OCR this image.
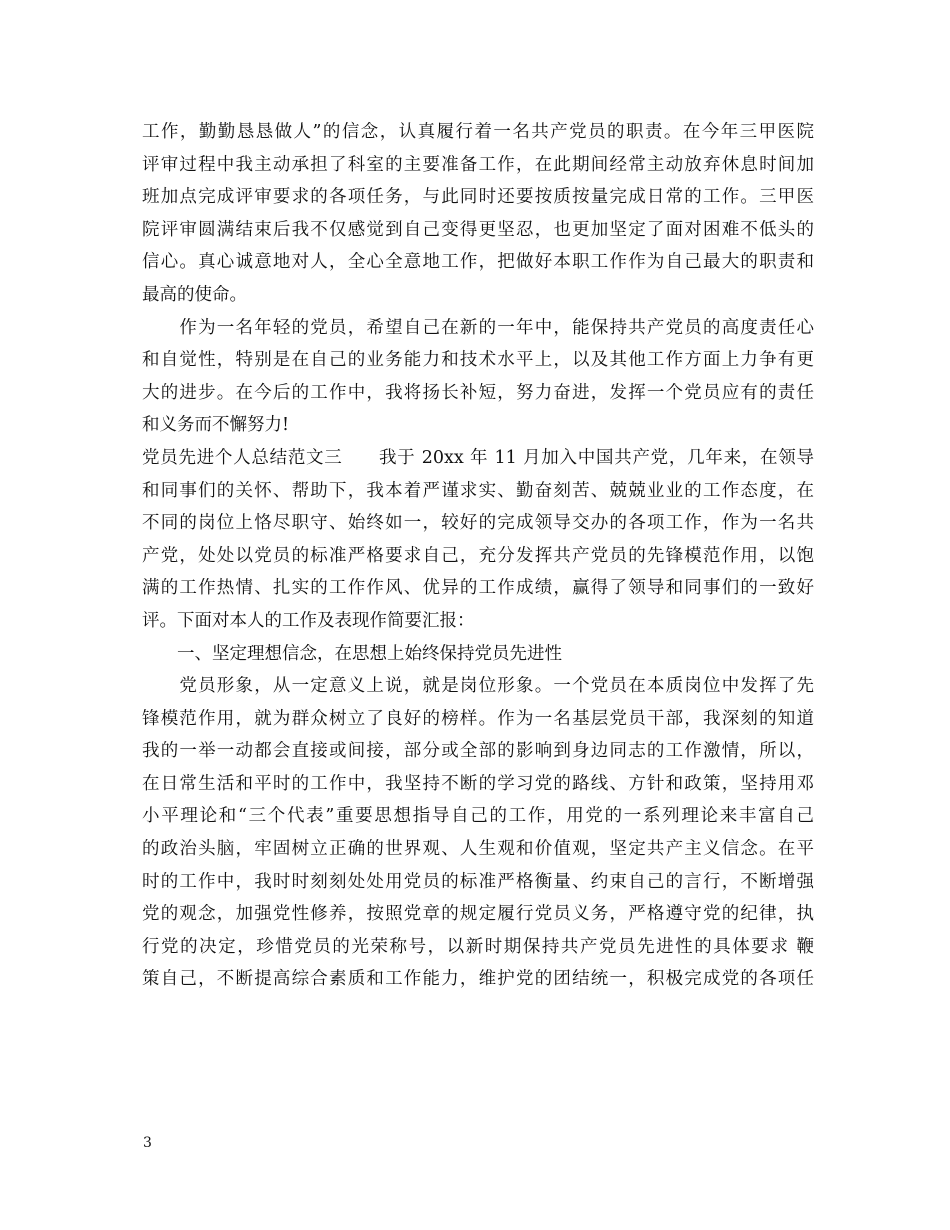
工作，勤勤恳恳做人”的信念，认真履行着一名共产党员的职责。在今年三甲医院
评审过程中我主动承担了科室的主要准备工作，在此期间经常主动放弃休息时间加
班加点完成评审要求的各项任务，与此同时还要按质按量完成日常的工作。三甲医
院评审圆满结束后我不仅感觉到自己变得更坚忍，也更加坚定了面对困难不低头的
信心。真心诚意地对人，全心全意地工作，把做好本职工作作为自己最大的职责和
最高的使命。
　　作为一名年轻的党员，希望自己在新的一年中，能保持共产党员的高度责任心
和自觉性，特别是在自己的业务能力和技术水平上，以及其他工作方面上力争有更
大的进步。在今后的工作中，我将扬长补短，努力奋进，发挥一个党员应有的责任
和义务而不懈努力!
党员先进个人总结范文三　　我于 20xx 年 11 月加入中国共产党，几年来，在领导
和同事们的关怀、帮助下，我本着严谨求实、勤奋刻苦、兢兢业业的工作态度，在
不同的岗位上恪尽职守、始终如一，较好的完成领导交办的各项工作，作为一名共
产党，处处以党员的标准严格要求自己，充分发挥共产党员的先锋模范作用，以饱
满的工作热情、扎实的工作作风、优异的工作成绩，赢得了领导和同事们的一致好
评。下面对本人的工作及表现作简要汇报：
　　一、坚定理想信念，在思想上始终保持党员先进性
　　党员形象，从一定意义上说，就是岗位形象。一个党员在本质岗位中发挥了先
锋模范作用，就为群众树立了良好的榜样。作为一名基层党员干部，我深刻的知道
我的一举一动都会直接或间接，部分或全部的影响到身边同志的工作激情，所以，
在日常生活和平时的工作中，我坚持不断的学习党的路线、方针和政策，坚持用邓
小平理论和“三个代表”重要思想指导自己的工作，用党的一系列理论来丰富自己
的政治头脑，牢固树立正确的世界观、人生观和价值观，坚定共产主义信念。在平
时的工作中，我时时刻刻处处用党员的标准严格衡量、约束自己的言行，不断增强
党的观念，加强党性修养，按照党章的规定履行党员义务，严格遵守党的纪律，执
行党的决定，珍惜党员的光荣称号，以新时期保持共产党员先进性的具体要求 鞭
策自己，不断提高综合素质和工作能力，维护党的团结统一，积极完成党的各项任
3
